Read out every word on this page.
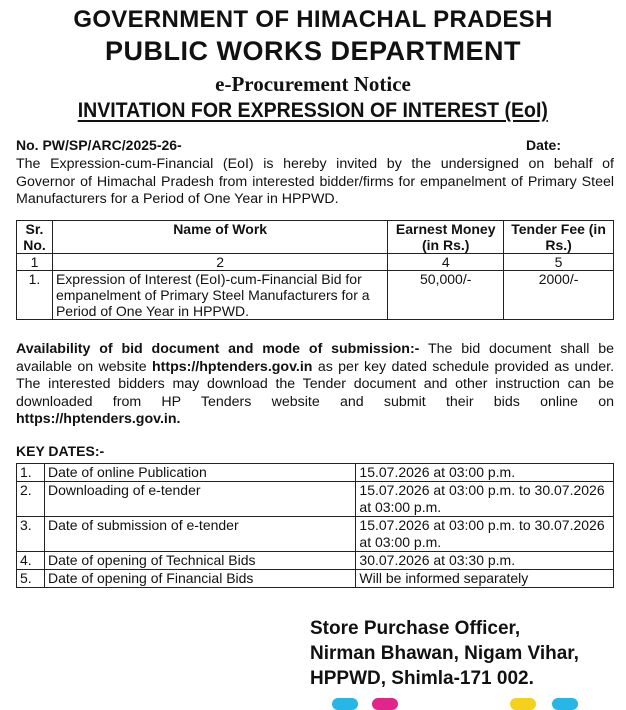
GOVERNMENT OF HIMACHAL PRADESH
PUBLIC WORKS DEPARTMENT
e-Procurement Notice
INVITATION FOR EXPRESSION OF INTEREST (EoI)
No. PW/SP/ARC/2025-26-	Date:
The Expression-cum-Financial (EoI) is hereby invited by the undersigned on behalf of Governor of Himachal Pradesh from interested bidder/firms for empanelment of Primary Steel Manufacturers for a Period of One Year in HPPWD.
Sr. No.	Name of Work	Earnest Money (in Rs.)	Tender Fee (in Rs.)
1	2	4	5
1.	Expression of Interest (EoI)-cum-Financial Bid for empanelment of Primary Steel Manufacturers for a Period of One Year in HPPWD.	50,000/-	2000/-
Availability of bid document and mode of submission:- The bid document shall be available on website https://hptenders.gov.in as per key dated schedule provided as under. The interested bidders may download the Tender document and other instruction can be downloaded from HP Tenders website and submit their bids online on https://hptenders.gov.in.
KEY DATES:-
1.	Date of online Publication	15.07.2026 at 03:00 p.m.
2.	Downloading of e-tender	15.07.2026 at 03:00 p.m. to 30.07.2026 at 03:00 p.m.
3.	Date of submission of e-tender	15.07.2026 at 03:00 p.m. to 30.07.2026 at 03:00 p.m.
4.	Date of opening of Technical Bids	30.07.2026 at 03:30 p.m.
5.	Date of opening of Financial Bids	Will be informed separately
Store Purchase Officer,
Nirman Bhawan, Nigam Vihar,
HPPWD, Shimla-171 002.
